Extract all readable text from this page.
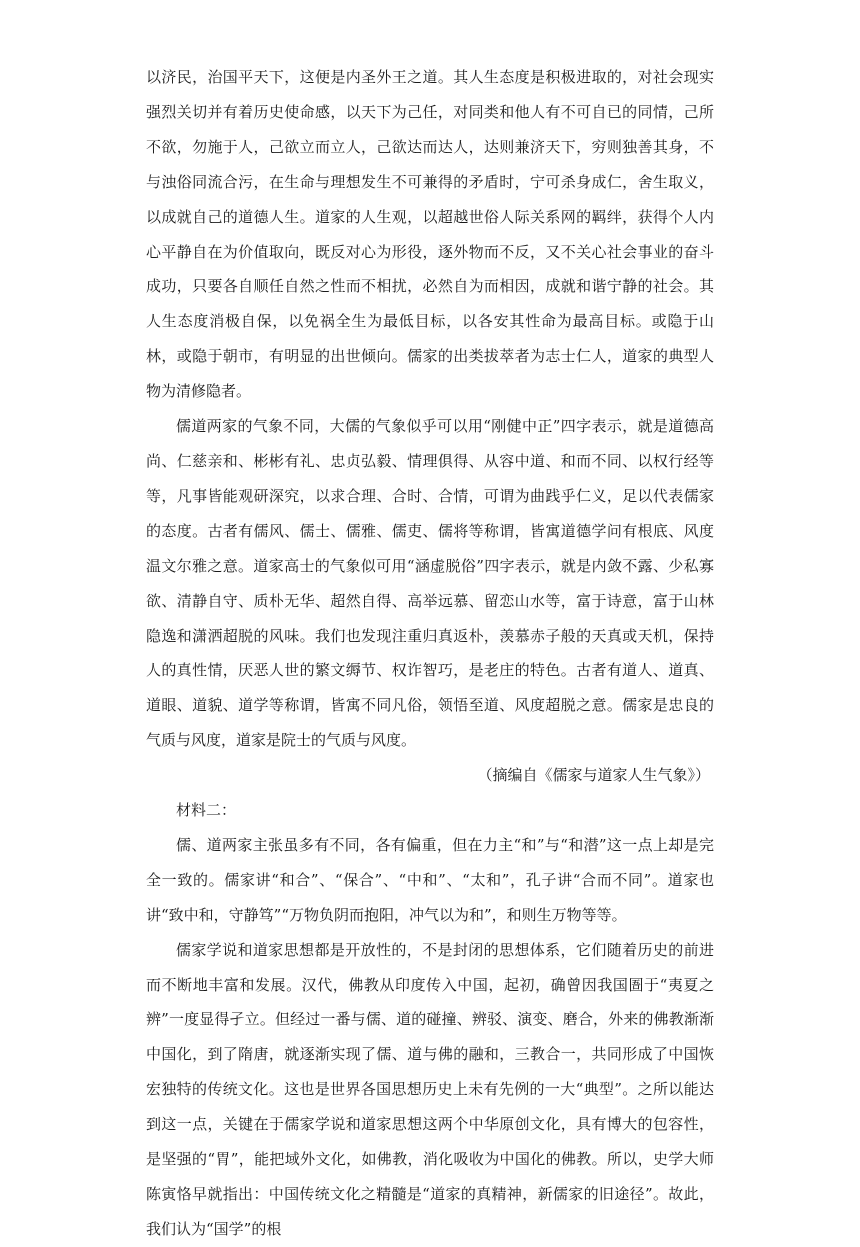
以济民，治国平天下，这便是内圣外王之道。其人生态度是积极进取的，对社会现实强烈关切并有着历史使命感，以天下为己任，对同类和他人有不可自已的同情，己所不欲，勿施于人，己欲立而立人，己欲达而达人，达则兼济天下，穷则独善其身，不与浊俗同流合污，在生命与理想发生不可兼得的矛盾时，宁可杀身成仁，舍生取义，以成就自己的道德人生。道家的人生观，以超越世俗人际关系网的羁绊，获得个人内心平静自在为价值取向，既反对心为形役，逐外物而不反，又不关心社会事业的奋斗成功，只要各自顺任自然之性而不相扰，必然自为而相因，成就和谐宁静的社会。其人生态度消极自保，以免祸全生为最低目标，以各安其性命为最高目标。或隐于山林，或隐于朝市，有明显的出世倾向。儒家的出类拔萃者为志士仁人，道家的典型人物为清修隐者。

儒道两家的气象不同，大儒的气象似乎可以用“刚健中正”四字表示，就是道德高尚、仁慈亲和、彬彬有礼、忠贞弘毅、情理俱得、从容中道、和而不同、以权行经等等，凡事皆能观研深究，以求合理、合时、合情，可谓为曲践乎仁义，足以代表儒家的态度。古者有儒风、儒士、儒雅、儒吏、儒将等称谓，皆寓道德学问有根底、风度温文尔雅之意。道家高士的气象似可用“涵虚脱俗”四字表示，就是内敛不露、少私寡欲、清静自守、质朴无华、超然自得、高举远慕、留恋山水等，富于诗意，富于山林隐逸和潇洒超脱的风味。我们也发现注重归真返朴，羡慕赤子般的天真或天机，保持人的真性情，厌恶人世的繁文缛节、权诈智巧，是老庄的特色。古者有道人、道真、道眼、道貌、道学等称谓，皆寓不同凡俗，领悟至道、风度超脱之意。儒家是忠良的气质与风度，道家是院士的气质与风度。

（摘编自《儒家与道家人生气象》）

材料二：

儒、道两家主张虽多有不同，各有偏重，但在力主“和”与“和潜”这一点上却是完全一致的。儒家讲“和合”、“保合”、“中和”、“太和”，孔子讲“合而不同”。道家也讲“致中和，守静笃”“万物负阴而抱阳，冲气以为和”，和则生万物等等。

儒家学说和道家思想都是开放性的，不是封闭的思想体系，它们随着历史的前进而不断地丰富和发展。汉代，佛教从印度传入中国，起初，确曾因我国圄于“夷夏之辨”一度显得孑立。但经过一番与儒、道的碰撞、辨驳、演变、磨合，外来的佛教渐渐中国化，到了隋唐，就逐渐实现了儒、道与佛的融和，三教合一，共同形成了中国恢宏独特的传统文化。这也是世界各国思想历史上未有先例的一大“典型”。之所以能达到这一点，关键在于儒家学说和道家思想这两个中华原创文化，具有博大的包容性，是坚强的“胃”，能把域外文化，如佛教，消化吸收为中国化的佛教。所以，史学大师陈寅恪早就指出：中国传统文化之精髓是“道家的真精神，新儒家的旧途径”。故此，我们认为“国学”的根
